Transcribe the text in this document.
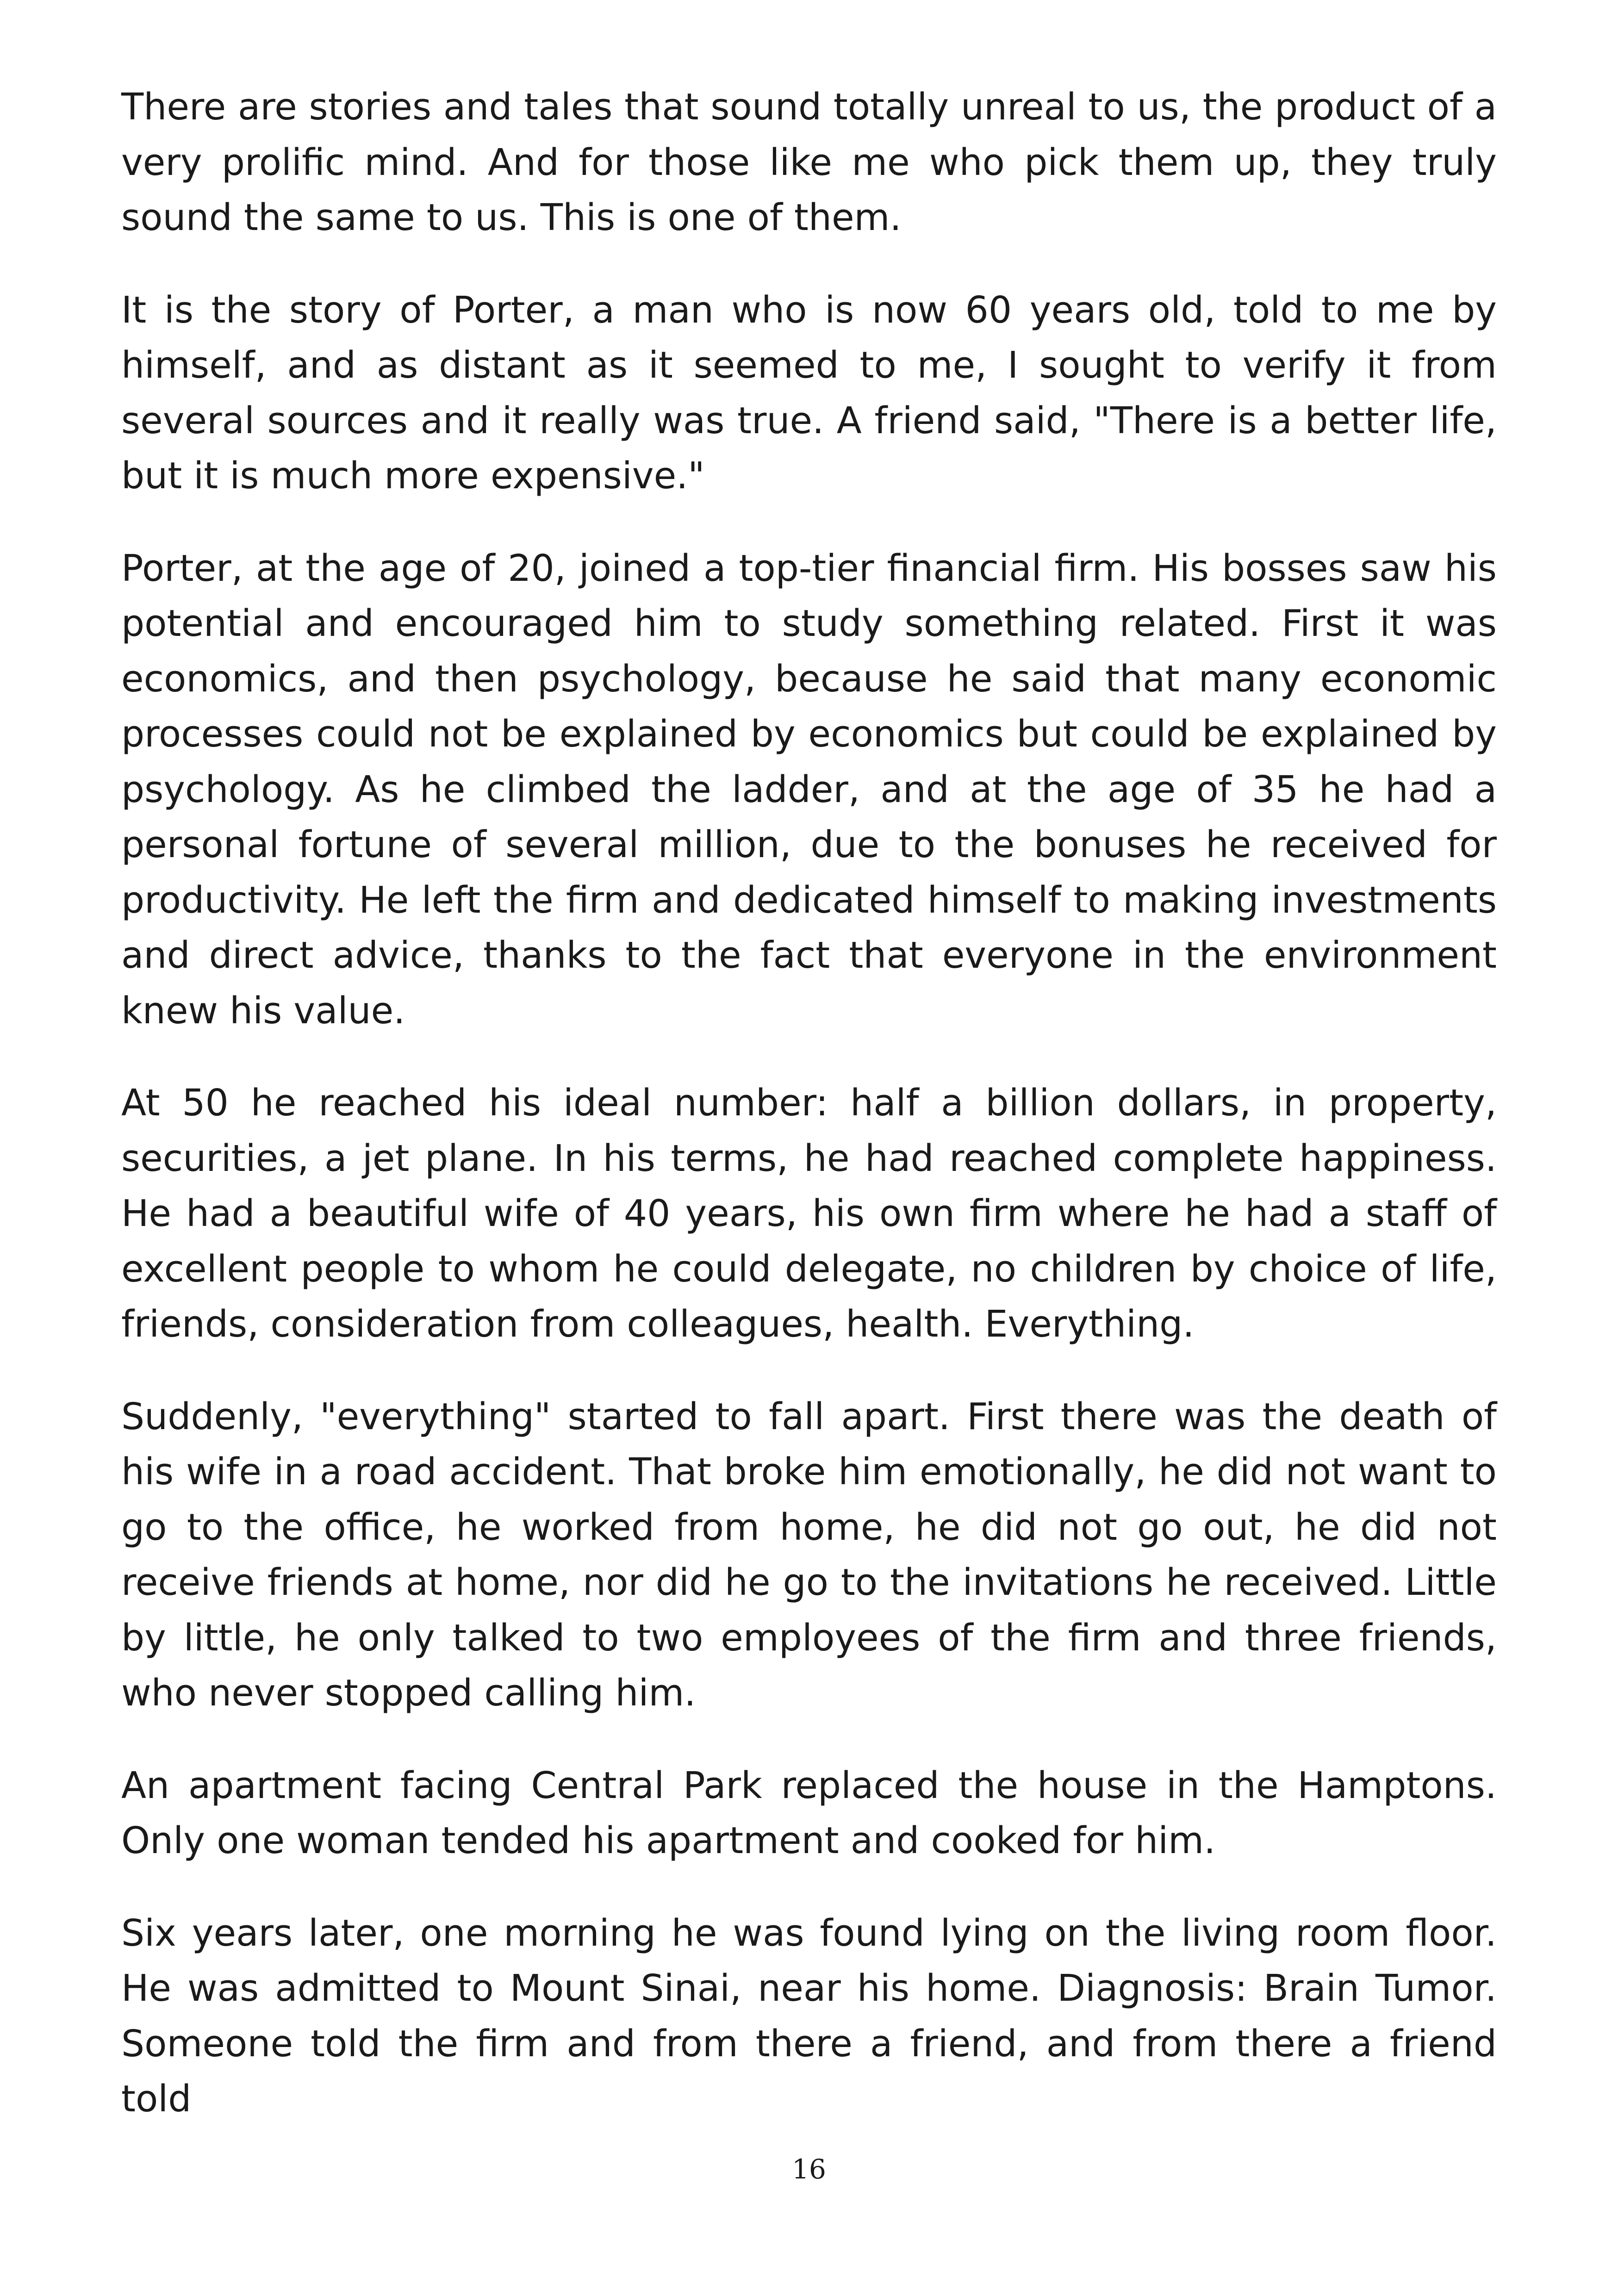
There are stories and tales that sound totally unreal to us, the product of a very prolific mind. And for those like me who pick them up, they truly sound the same to us. This is one of them.

It is the story of Porter, a man who is now 60 years old, told to me by himself, and as distant as it seemed to me, I sought to verify it from several sources and it really was true. A friend said, "There is a better life, but it is much more expensive."

Porter, at the age of 20, joined a top-tier financial firm. His bosses saw his potential and encouraged him to study something related. First it was economics, and then psychology, because he said that many economic processes could not be explained by economics but could be explained by psychology. As he climbed the ladder, and at the age of 35 he had a personal fortune of several million, due to the bonuses he received for productivity. He left the firm and dedicated himself to making investments and direct advice, thanks to the fact that everyone in the environment knew his value.

At 50 he reached his ideal number: half a billion dollars, in property, securities, a jet plane. In his terms, he had reached complete happiness. He had a beautiful wife of 40 years, his own firm where he had a staff of excellent people to whom he could delegate, no children by choice of life, friends, consideration from colleagues, health. Everything.

Suddenly, "everything" started to fall apart. First there was the death of his wife in a road accident. That broke him emotionally, he did not want to go to the office, he worked from home, he did not go out, he did not receive friends at home, nor did he go to the invitations he received. Little by little, he only talked to two employees of the firm and three friends, who never stopped calling him.

An apartment facing Central Park replaced the house in the Hamptons. Only one woman tended his apartment and cooked for him.

Six years later, one morning he was found lying on the living room floor. He was admitted to Mount Sinai, near his home. Diagnosis: Brain Tumor. Someone told the firm and from there a friend, and from there a friend told

16
